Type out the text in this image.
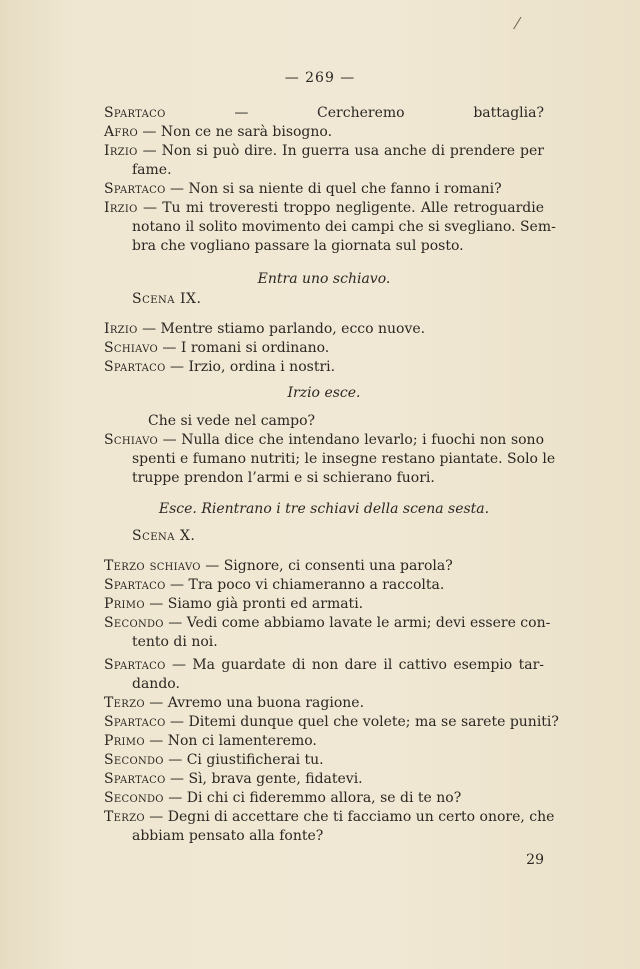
⁄
— 269 —
Spartaco — Cercheremo battaglia?
Afro — Non ce ne sarà bisogno.
Irzio — Non si può dire. In guerra usa anche di prendere per
fame.
Spartaco — Non si sa niente di quel che fanno i romani?
Irzio — Tu mi troveresti troppo negligente. Alle retroguardie
notano il solito movimento dei campi che si svegliano. Sem-
bra che vogliano passare la giornata sul posto.
Entra uno schiavo.
Scena IX.
Irzio — Mentre stiamo parlando, ecco nuove.
Schiavo — I romani si ordinano.
Spartaco — Irzio, ordina i nostri.
Irzio esce.
Che si vede nel campo?
Schiavo — Nulla dice che intendano levarlo; i fuochi non sono
spenti e fumano nutriti; le insegne restano piantate. Solo le
truppe prendon l’armi e si schierano fuori.
Esce. Rientrano i tre schiavi della scena sesta.
Scena X.
Terzo schiavo — Signore, ci consenti una parola?
Spartaco — Tra poco vi chiameranno a raccolta.
Primo — Siamo già pronti ed armati.
Secondo — Vedi come abbiamo lavate le armi; devi essere con-
tento di noi.
Spartaco — Ma guardate di non dare il cattivo esempio tar-
dando.
Terzo — Avremo una buona ragione.
Spartaco — Ditemi dunque quel che volete; ma se sarete puniti?
Primo — Non ci lamenteremo.
Secondo — Ci giustificherai tu.
Spartaco — Sì, brava gente, fidatevi.
Secondo — Di chi ci fideremmo allora, se di te no?
Terzo — Degni di accettare che ti facciamo un certo onore, che
abbiam pensato alla fonte?
29
